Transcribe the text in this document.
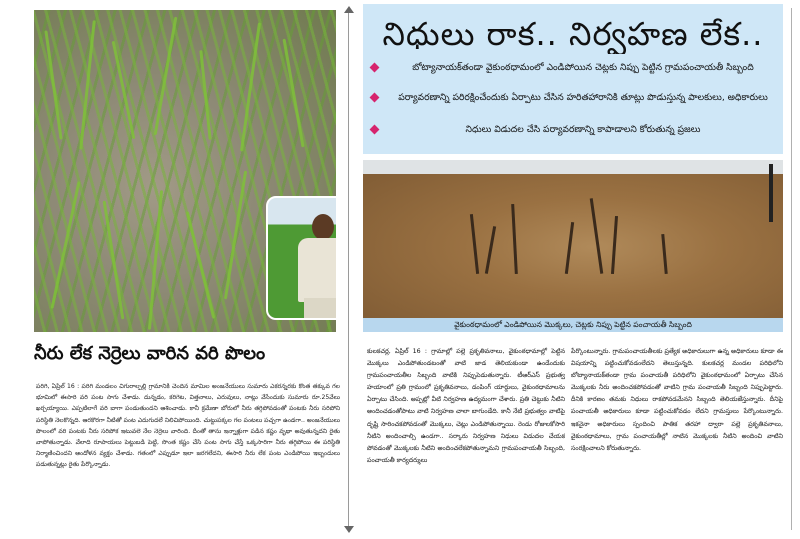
నీరు లేక నెర్రెలు వారిన వరి పొలం
పరిగి, ఏప్రిల్ 16 : పరిగి మండలం చిగురాల్పల్లి గ్రామానికి చెందిన మామిల అంజనేయులు సుమారు ఎకరన్నరకు కొంత తక్కువ గల భూమిలో ఈసారి వరి పంట సాగు చేశాడు. దున్నడం, కరిగెట, విత్తనాలు, ఎరువులు, నాట్లు వేసేందుకు సుమారు రూ.25వేలు ఖర్చయ్యాయి. ఎప్పటిలాగే వరి బాగా పండుతుందని ఆశించాడు. కానీ క్రమేణా బోరులో నీరు తగ్గిపోవడంతో పంటకు నీరు సరిపోని పరిస్థితి నెలకొన్నది. ఆరకొరగా నీటితో పంట ఎదుగుదలే నిలిచిపోయింది. చుట్టుపక్కల గల పంటలు పచ్చగా ఉండగా.. అంజనేయులు పొలంలో వరి పంటకు నీరు సరిపోక ఇటువలె నేల నెర్రెలు వారింది. దీంతో తాను ఇన్నాళ్లుగా పడిన కష్టం వృథా అవుతున్నదని రైతు వాపోతున్నాడు. వేలాది రూపాయలు పెట్టుబడి పెట్టి, సొంత కష్టం చేసి పంట సాగు చేస్తే ఒక్కసారిగా నీరు తగ్గిపోయి ఈ పరిస్థితి నిర్మాణించిందని ఆందోళన వ్యక్తం చేశాడు. గతంలో ఎప్పుడూ ఇలా జరగలేదని, ఈసారి నీరు లేక పంట ఎండిపోయి ఇబ్బందులు పడుతున్నట్లు రైతు పేర్కొన్నాడు.
నిధులు రాక.. నిర్వహణ లేక..
బోట్యానాయక్‌తండా వైకుంఠధామంలో ఎండిపోయిన చెట్లకు నిప్పు పెట్టిన గ్రామపంచాయతీ సిబ్బంది
పర్యావరణాన్ని పరిరక్షించేందుకు ఏర్పాటు చేసిన హరితహారానికి తూట్లు పొడుస్తున్న పాలకులు, అధికారులు
నిధులు విడుదల చేసి పర్యావరణాన్ని కాపాడాలని కోరుతున్న ప్రజలు
వైకుంఠధామంలో ఎండిపోయిన మొక్కలు, చెట్లకు నిప్పు పెట్టిన పంచాయతీ సిబ్బంది
కులకచర్ల, ఏప్రిల్ 16 : గ్రామాల్లో పల్లె ప్రకృతివనాలు, వైకుంఠధామాల్లో పెట్టిన మొక్కలు ఎండిపోతుండటంతో వాటి జాడ తెలియకుండా ఉండేందుకు గ్రామపంచాయతీల సిబ్బంది వాటికి నిప్పుపెడుతున్నారు. టీఆర్‌ఎస్ ప్రభుత్వ హయాంలో ప్రతి గ్రామంలో ప్రకృతివనాలు, డంపింగ్ యార్డులు, వైకుంఠధామాలను ఏర్పాటు చేసింది. అప్పట్లో వీటి నిర్వహణ ఉద్యమంగా చేశారు. ప్రతి చెట్టుకు నీటిని అందించడంతోపాటు వాటి నిర్వహణ చాలా బాగుండేది. కానీ నేటి ప్రభుత్వం వాటిపై దృష్టి సారించకపోవడంతో మొక్కలు, చెట్లు ఎండిపోతున్నాయి. రెండు రోజులకోసారి నీటిని అందించాల్సి ఉండగా.. సర్కారు నిర్వహణ నిధులు విడుదల చేయక పోవడంతో మొక్కలకు నీటిని అందించలేకపోతున్నామని గ్రామపంచాయతీ సిబ్బంది, పంచాయతీ కార్యదర్శులు
పేర్కొంటున్నారు. గ్రామపంచాయతీలకు ప్రత్యేక అధికారులుగా ఉన్న అధికారులు కూడా ఈ విషయాన్ని పట్టించుకోవడంలేదని తెలుస్తున్నది. కులకచర్ల మండల పరిధిలోని బోట్యానాయక్‌తండా గ్రామ పంచాయతీ పరిధిలోని వైకుంఠధామంలో ఏర్పాటు చేసిన మొక్కలకు నీరు అందించకపోవడంతో వాటిని గ్రామ పంచాయతీ సిబ్బంది నిప్పుపెట్టారు. దీనికి కారణం తమకు నిధులు రాకపోవడమేనని సిబ్బంది తెలియజేస్తున్నారు. దీనిపై పంచాయతీ అధికారులు కూడా పట్టించుకోవడం లేదని గ్రామస్తులు పేర్కొంటున్నారు. ఇకనైనా అధికారులు స్పందించి పాతిక తరహా ద్వారా పల్లె ప్రకృతివనాలు, వైకుంఠధామాలు, గ్రామ పంచాయతీల్లో నాటిన మొక్కలకు నీటిని అందించి వాటిని సంరక్షించాలని కోరుతున్నారు.
